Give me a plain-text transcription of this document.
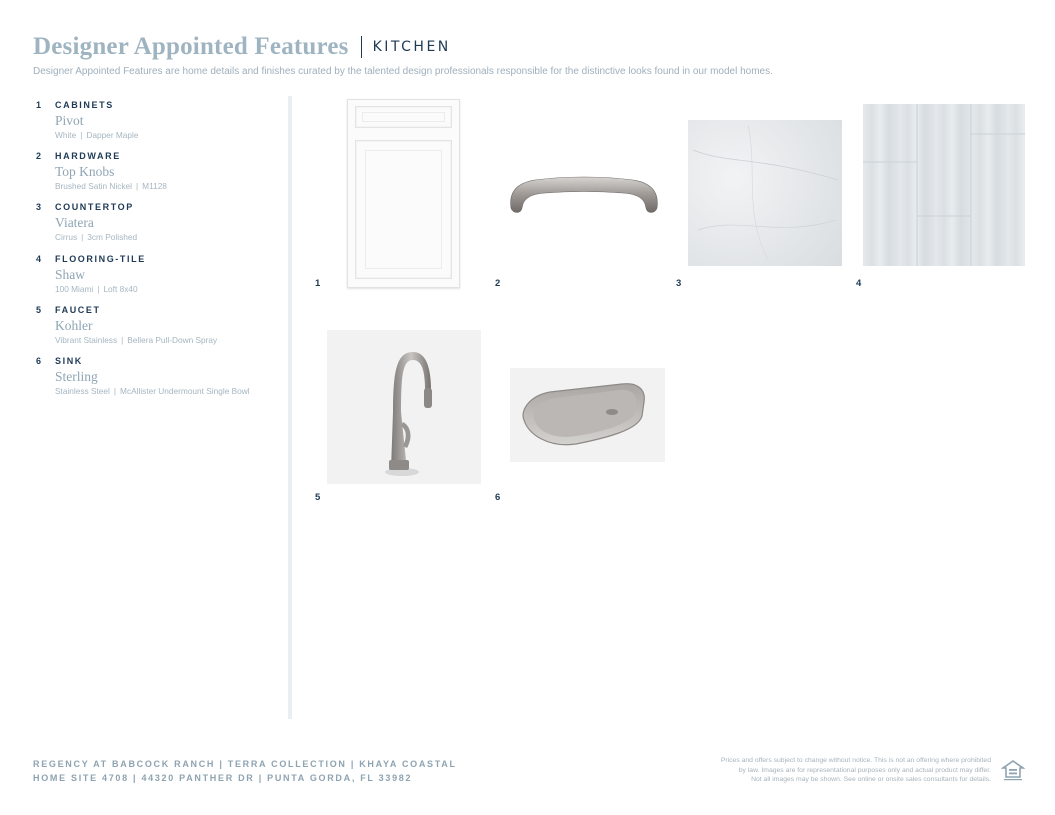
Designer Appointed Features KITCHEN
Designer Appointed Features are home details and finishes curated by the talented design professionals responsible for the distinctive looks found in our model homes.
1	CABINETS
Pivot
White | Dapper Maple
2	HARDWARE
Top Knobs
Brushed Satin Nickel | M1128
3	COUNTERTOP
Viatera
Cirrus | 3cm Polished
4	FLOORING-TILE
Shaw
100 Miami | Loft 8x40
5	FAUCET
Kohler
Vibrant Stainless | Bellera Pull-Down Spray
6	SINK
Sterling
Stainless Steel | McAllister Undermount Single Bowl
1	2	3	4
5	6
REGENCY AT BABCOCK RANCH | TERRA COLLECTION | KHAYA COASTAL
HOME SITE 4708 | 44320 PANTHER DR | PUNTA GORDA, FL 33982
Prices and offers subject to change without notice. This is not an offering where prohibited
by law. Images are for representational purposes only and actual product may differ.
Not all images may be shown. See online or onsite sales consultants for details.
